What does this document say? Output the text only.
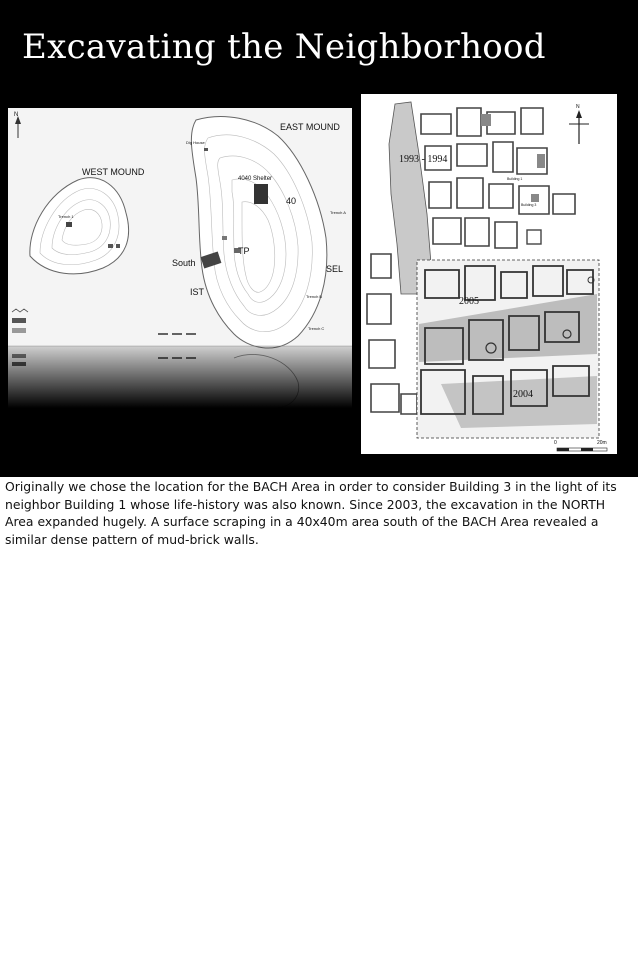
Excavating the Neighborhood
N
WEST MOUND
Trench 1
EAST MOUND
4040 Shelter
40
TP
South
IST
SEL
Trench A
Trench B
Trench C
Dig House
1993 - 1994
Building 1
Building 3
N
2005
2004
0	20m

Originally we chose the location for the BACH Area in order to consider Building 3 in the light of its neighbor Building 1 whose life-history was also known. Since 2003, the excavation in the NORTH Area expanded hugely. A surface scraping in a 40x40m area south of the BACH Area revealed a similar dense pattern of mud-brick walls.
